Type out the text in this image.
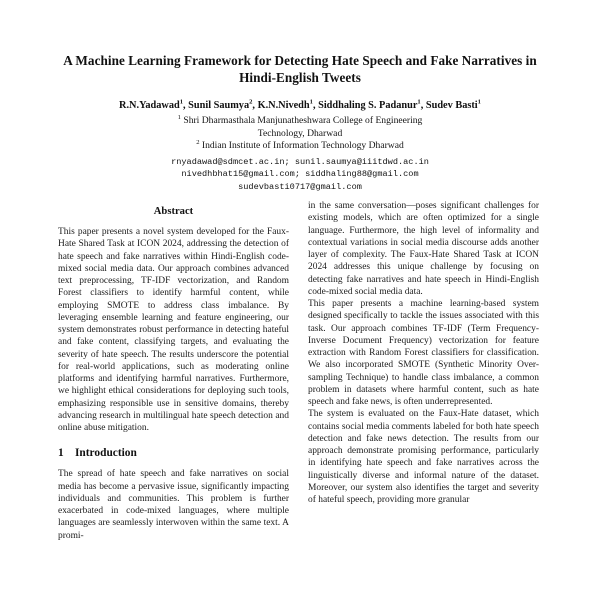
A Machine Learning Framework for Detecting Hate Speech and Fake Narratives in Hindi-English Tweets
R.N.Yadawad$^1$, Sunil Saumya$^2$, K.N.Nivedh$^1$, Siddhaling S. Padanur$^1$, Sudev Basti$^1$
$^1$ Shri Dharmasthala Manjunatheshwara College of Engineering
Technology, Dharwad
$^2$ Indian Institute of Information Technology Dharwad
rnyadawad@sdmcet.ac.in; sunil.saumya@iiitdwd.ac.in
nivedhbhat15@gmail.com; siddhaling88@gmail.com
sudevbasti0717@gmail.com
Abstract

This paper presents a novel system developed for the Faux-Hate Shared Task at ICON 2024, addressing the detection of hate speech and fake narratives within Hindi-English code-mixed social media data. Our approach combines advanced text preprocessing, TF-IDF vectorization, and Random Forest classifiers to identify harmful content, while employing SMOTE to address class imbalance. By leveraging ensemble learning and feature engineering, our system demonstrates robust performance in detecting hateful and fake content, classifying targets, and evaluating the severity of hate speech. The results underscore the potential for real-world applications, such as moderating online platforms and identifying harmful narratives. Furthermore, we highlight ethical considerations for deploying such tools, emphasizing responsible use in sensitive domains, thereby advancing research in multilingual hate speech detection and online abuse mitigation.

1 Introduction

The spread of hate speech and fake narratives on social media has become a pervasive issue, significantly impacting individuals and communities. This problem is further exacerbated in code-mixed languages, where multiple languages are seamlessly interwoven within the same text. A promi-

in the same conversation—poses significant challenges for existing models, which are often optimized for a single language. Furthermore, the high level of informality and contextual variations in social media discourse adds another layer of complexity. The Faux-Hate Shared Task at ICON 2024 addresses this unique challenge by focusing on detecting fake narratives and hate speech in Hindi-English code-mixed social media data.

This paper presents a machine learning-based system designed specifically to tackle the issues associated with this task. Our approach combines TF-IDF (Term Frequency-Inverse Document Frequency) vectorization for feature extraction with Random Forest classifiers for classification. We also incorporated SMOTE (Synthetic Minority Over-sampling Technique) to handle class imbalance, a common problem in datasets where harmful content, such as hate speech and fake news, is often underrepresented.

The system is evaluated on the Faux-Hate dataset, which contains social media comments labeled for both hate speech detection and fake news detection. The results from our approach demonstrate promising performance, particularly in identifying hate speech and fake narratives across the linguistically diverse and informal nature of the dataset. Moreover, our system also identifies the target and severity of hateful speech, providing more granular
